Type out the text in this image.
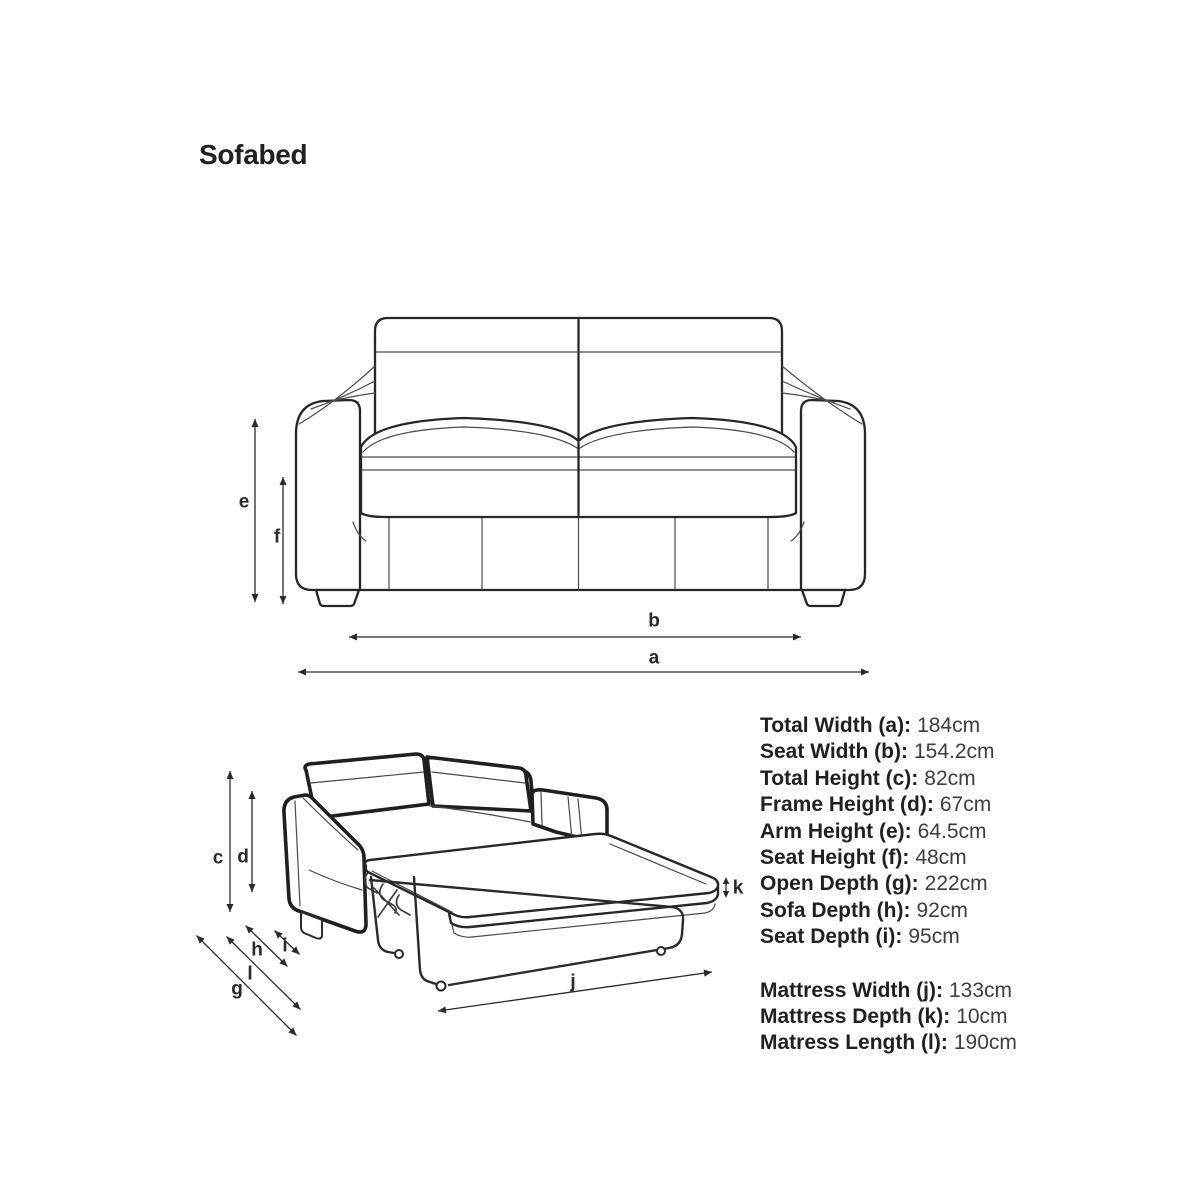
Sofabed
e
f
b
a
c d
h i
l
g	j
k
Total Width (a): 184cm
Seat Width (b): 154.2cm
Total Height (c): 82cm
Frame Height (d): 67cm
Arm Height (e): 64.5cm
Seat Height (f): 48cm
Open Depth (g): 222cm
Sofa Depth (h): 92cm
Seat Depth (i): 95cm
Mattress Width (j): 133cm
Mattress Depth (k): 10cm
Matress Length (l): 190cm
